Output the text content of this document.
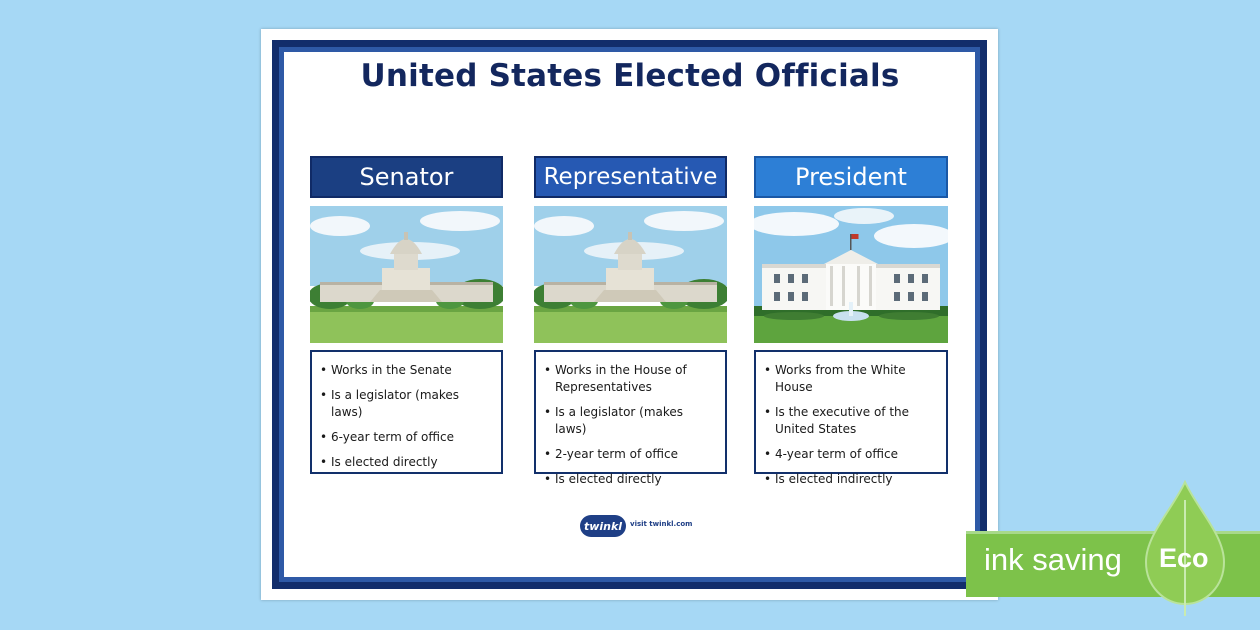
United States Elected Officials
Senator	Representative	President
• Works in the Senate
• Is a legislator (makes laws)
• 6-year term of office
• Is elected directly
• Works in the House of Representatives
• Is a legislator (makes laws)
• 2-year term of office
• Is elected directly
• Works from the White House
• Is the executive of the United States
• 4-year term of office
• Is elected indirectly
twinkl	visit twinkl.com
ink saving Eco
